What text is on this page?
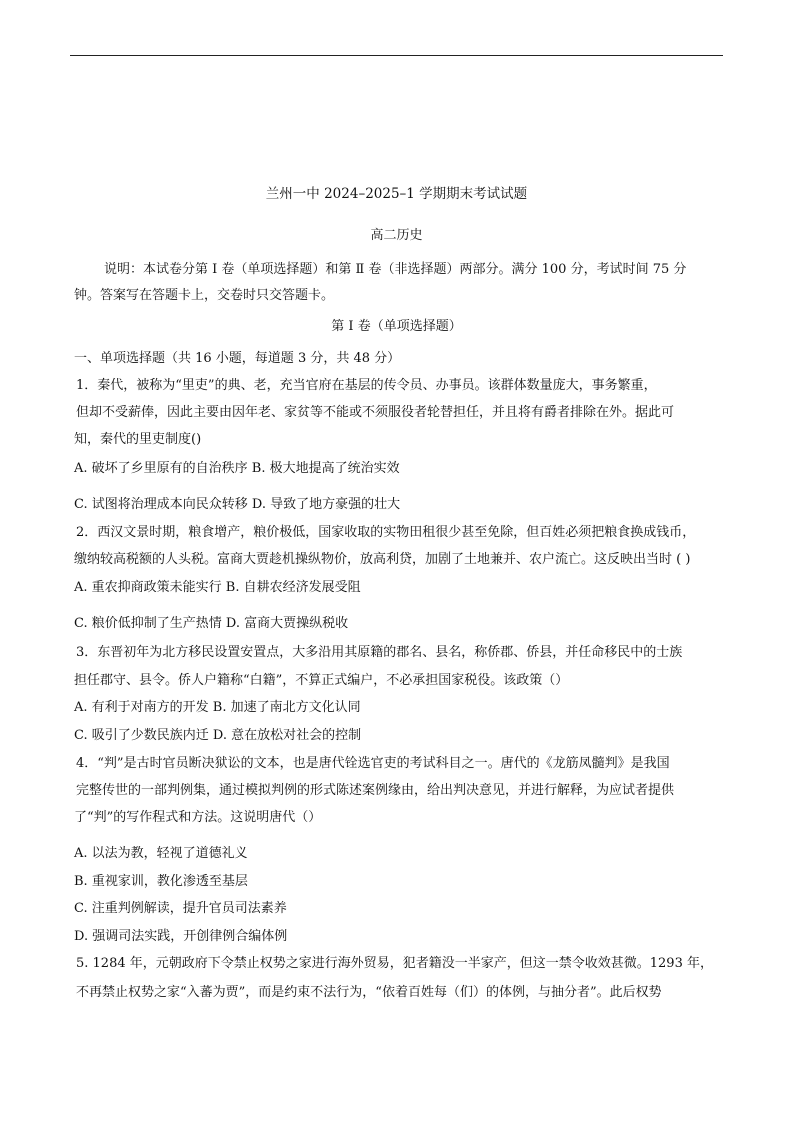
兰州一中 2024–2025–1 学期期末考试试题
高二历史
说明：本试卷分第 Ⅰ 卷（单项选择题）和第 Ⅱ 卷（非选择题）两部分。满分 100 分，考试时间 75 分
钟。答案写在答题卡上，交卷时只交答题卡。
第 Ⅰ 卷（单项选择题）
一、单项选择题（共 16 小题，每道题 3 分，共 48 分）
1．秦代，被称为“里吏”的典、老，充当官府在基层的传令员、办事员。该群体数量庞大，事务繁重，
但却不受薪俸，因此主要由因年老、家贫等不能或不须服役者轮替担任，并且将有爵者排除在外。据此可
知，秦代的里吏制度()
A. 破坏了乡里原有的自治秩序 B. 极大地提高了统治实效
C. 试图将治理成本向民众转移 D. 导致了地方豪强的壮大
2．西汉文景时期，粮食增产，粮价极低，国家收取的实物田租很少甚至免除，但百姓必须把粮食换成钱币，
缴纳较高税额的人头税。富商大贾趁机操纵物价，放高利贷，加剧了土地兼并、农户流亡。这反映出当时 ( )
A. 重农抑商政策未能实行 B. 自耕农经济发展受阻
C. 粮价低抑制了生产热情 D. 富商大贾操纵税收
3．东晋初年为北方移民设置安置点，大多沿用其原籍的郡名、县名，称侨郡、侨县，并任命移民中的士族
担任郡守、县令。侨人户籍称“白籍”，不算正式编户，不必承担国家税役。该政策（）
A. 有利于对南方的开发 B. 加速了南北方文化认同
C. 吸引了少数民族内迁 D. 意在放松对社会的控制
4．“判”是古时官员断决狱讼的文本，也是唐代铨选官吏的考试科目之一。唐代的《龙筋凤髓判》是我国
完整传世的一部判例集，通过模拟判例的形式陈述案例缘由，给出判决意见，并进行解释，为应试者提供
了“判”的写作程式和方法。这说明唐代（）
A. 以法为教，轻视了道德礼义
B. 重视家训，教化渗透至基层
C. 注重判例解读，提升官员司法素养
D. 强调司法实践，开创律例合编体例
5. 1284 年，元朝政府下令禁止权势之家进行海外贸易，犯者籍没一半家产，但这一禁令收效甚微。1293 年，
不再禁止权势之家“入蕃为贾”，而是约束不法行为，“依着百姓每（们）的体例，与抽分者”。此后权势
